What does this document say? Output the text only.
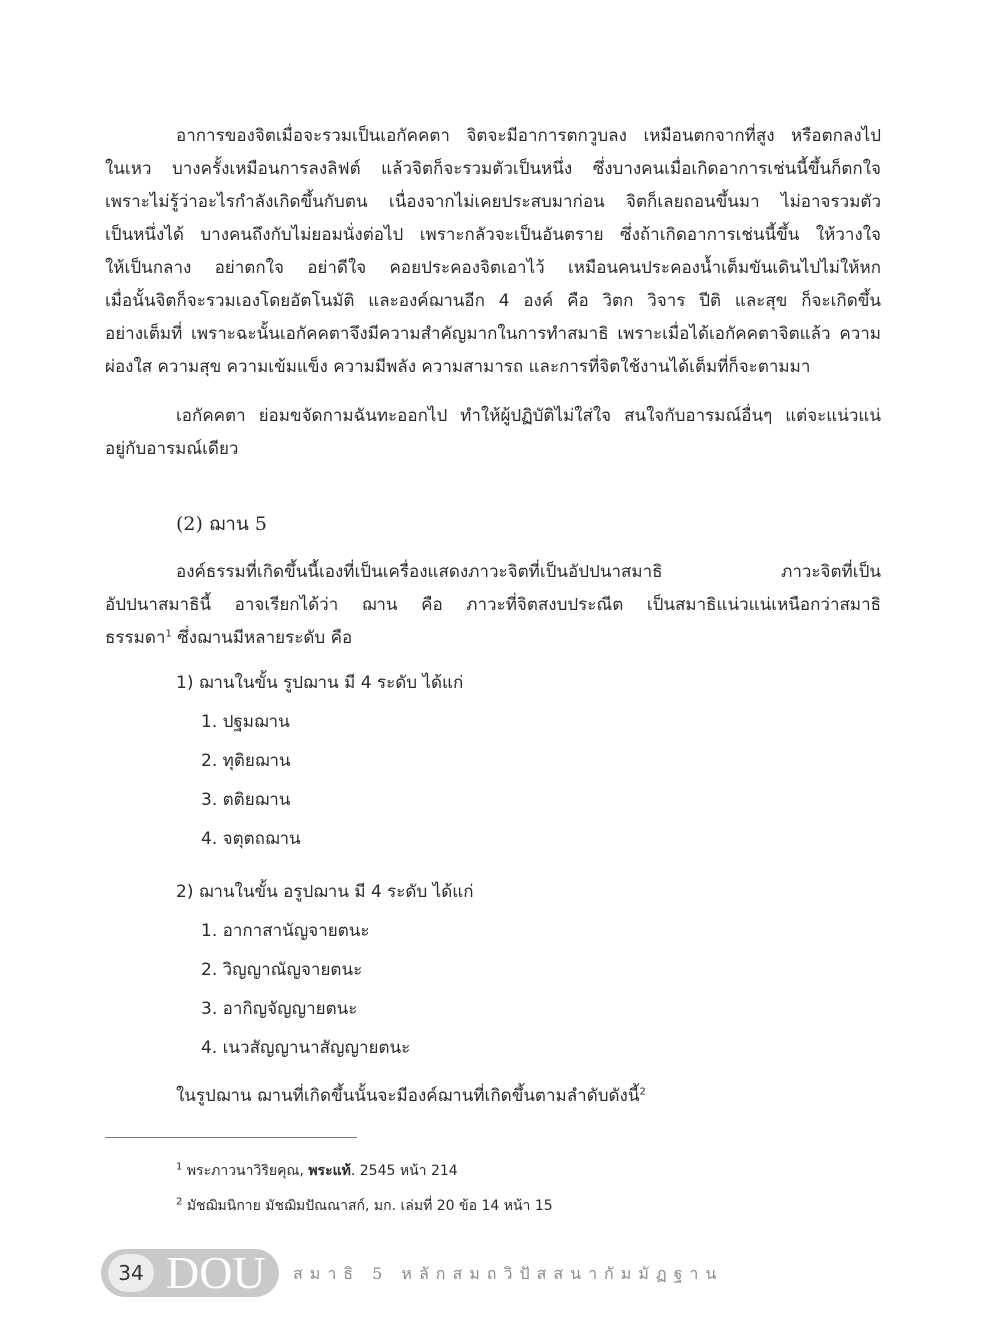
อาการของจิตเมื่อจะรวมเป็นเอกัคคตา จิตจะมีอาการตกวูบลง เหมือนตกจากที่สูง หรือตกลงไป
ในเหว บางครั้งเหมือนการลงลิฟต์ แล้วจิตก็จะรวมตัวเป็นหนึ่ง ซึ่งบางคนเมื่อเกิดอาการเช่นนี้ขึ้นก็ตกใจ
เพราะไม่รู้ว่าอะไรกำลังเกิดขึ้นกับตน เนื่องจากไม่เคยประสบมาก่อน จิตก็เลยถอนขึ้นมา ไม่อาจรวมตัว
เป็นหนึ่งได้ บางคนถึงกับไม่ยอมนั่งต่อไป เพราะกลัวจะเป็นอันตราย ซึ่งถ้าเกิดอาการเช่นนี้ขึ้น ให้วางใจ
ให้เป็นกลาง อย่าตกใจ อย่าดีใจ คอยประคองจิตเอาไว้ เหมือนคนประคองน้ำเต็มขันเดินไปไม่ให้หก
เมื่อนั้นจิตก็จะรวมเองโดยอัตโนมัติ และองค์ฌานอีก 4 องค์ คือ วิตก วิจาร ปีติ และสุข ก็จะเกิดขึ้น
อย่างเต็มที่ เพราะฉะนั้นเอกัคคตาจึงมีความสำคัญมากในการทำสมาธิ เพราะเมื่อได้เอกัคคตาจิตแล้ว ความ
ผ่องใส ความสุข ความเข้มแข็ง ความมีพลัง ความสามารถ และการที่จิตใช้งานได้เต็มที่ก็จะตามมา
เอกัคคตา ย่อมขจัดกามฉันทะออกไป ทำให้ผู้ปฏิบัติไม่ใส่ใจ สนใจกับอารมณ์อื่นๆ แต่จะแน่วแน่
อยู่กับอารมณ์เดียว
(2) ฌาน 5
องค์ธรรมที่เกิดขึ้นนี้เองที่เป็นเครื่องแสดงภาวะจิตที่เป็นอัปปนาสมาธิ ภาวะจิตที่เป็น
อัปปนาสมาธินี้ อาจเรียกได้ว่า ฌาน คือ ภาวะที่จิตสงบประณีต เป็นสมาธิแน่วแน่เหนือกว่าสมาธิ
ธรรมดา$^1$ ซึ่งฌานมีหลายระดับ คือ
1) ฌานในขั้น รูปฌาน มี 4 ระดับ ได้แก่
1. ปฐมฌาน
2. ทุติยฌาน
3. ตติยฌาน
4. จตุตถฌาน
2) ฌานในขั้น อรูปฌาน มี 4 ระดับ ได้แก่
1. อากาสานัญจายตนะ
2. วิญญาณัญจายตนะ
3. อากิญจัญญายตนะ
4. เนวสัญญานาสัญญายตนะ
ในรูปฌาน ฌานที่เกิดขึ้นนั้นจะมีองค์ฌานที่เกิดขึ้นตามลำดับดังนี้$^2$
$^1$ พระภาวนาวิริยคุณ, พระแท้. 2545 หน้า 214
$^2$ มัชฌิมนิกาย มัชฌิมปัณณาสก์, มก. เล่มที่ 20 ข้อ 14 หน้า 15
34 DOU	สมาธิ 5 หลักสมถวิปัสสนากัมมัฏฐาน
